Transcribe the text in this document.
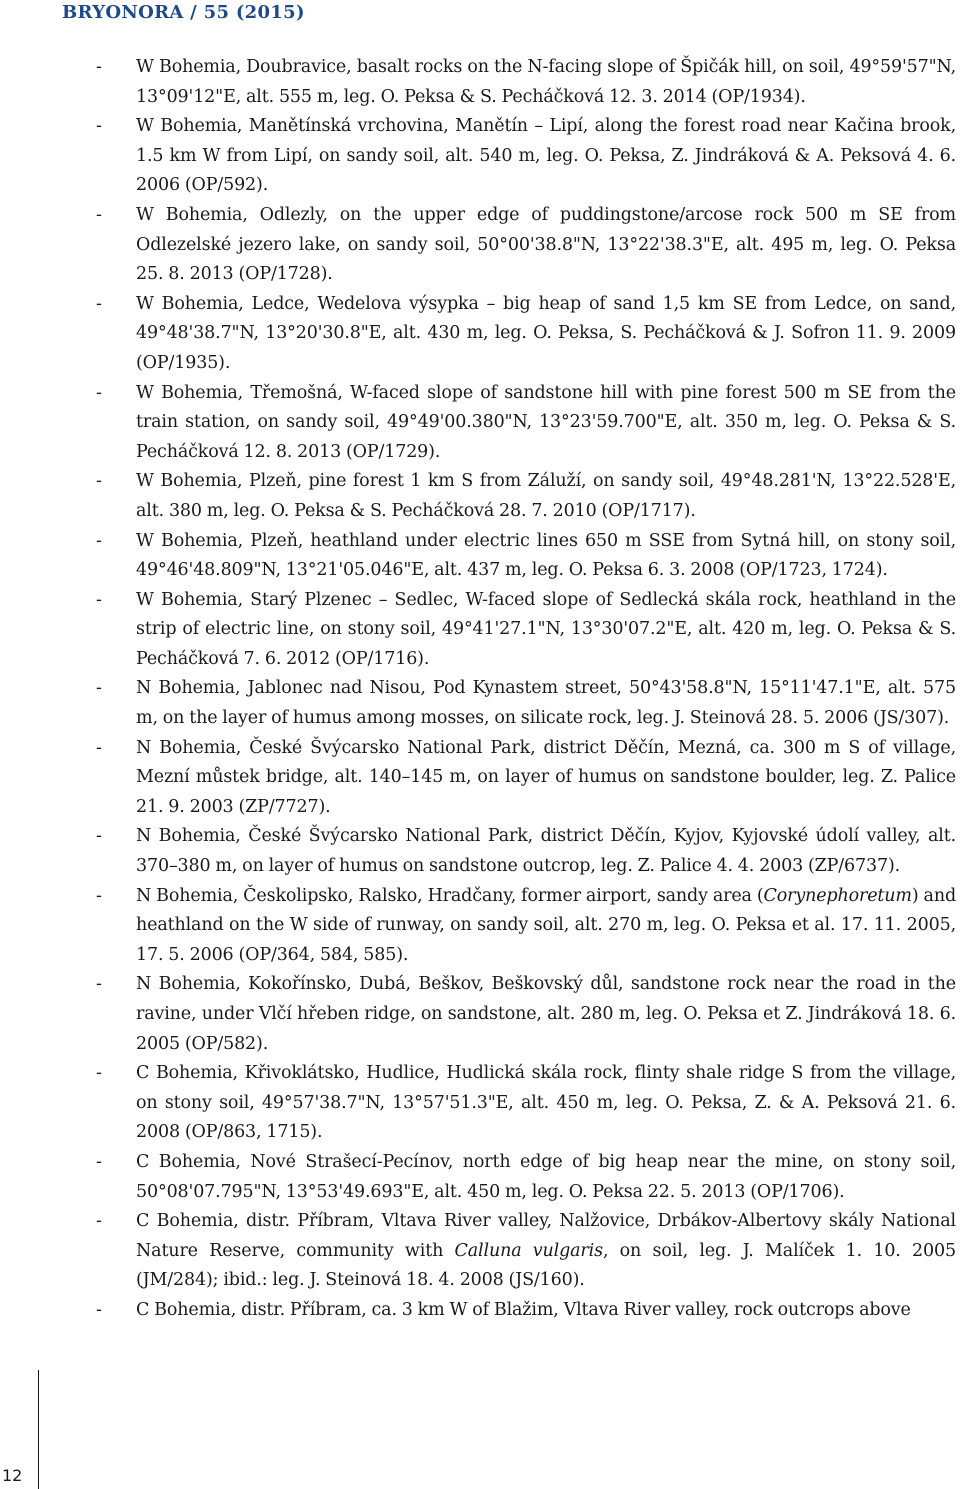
BRYONORA / 55 (2015)
- W Bohemia, Doubravice, basalt rocks on the N-facing slope of Špičák hill, on soil, 49°59'57"N, 13°09'12"E, alt. 555 m, leg. O. Peksa & S. Pecháčková 12. 3. 2014 (OP/1934).
- W Bohemia, Manětínská vrchovina, Manětín – Lipí, along the forest road near Kačina brook, 1.5 km W from Lipí, on sandy soil, alt. 540 m, leg. O. Peksa, Z. Jindráková & A. Peksová 4. 6. 2006 (OP/592).
- W Bohemia, Odlezly, on the upper edge of puddingstone/arcose rock 500 m SE from Odlezelské jezero lake, on sandy soil, 50°00'38.8"N, 13°22'38.3"E, alt. 495 m, leg. O. Peksa 25. 8. 2013 (OP/1728).
- W Bohemia, Ledce, Wedelova výsypka – big heap of sand 1,5 km SE from Ledce, on sand, 49°48'38.7"N, 13°20'30.8"E, alt. 430 m, leg. O. Peksa, S. Pecháčková & J. Sofron 11. 9. 2009 (OP/1935).
- W Bohemia, Třemošná, W-faced slope of sandstone hill with pine forest 500 m SE from the train station, on sandy soil, 49°49'00.380"N, 13°23'59.700"E, alt. 350 m, leg. O. Peksa & S. Pecháčková 12. 8. 2013 (OP/1729).
- W Bohemia, Plzeň, pine forest 1 km S from Záluží, on sandy soil, 49°48.281'N, 13°22.528'E, alt. 380 m, leg. O. Peksa & S. Pecháčková 28. 7. 2010 (OP/1717).
- W Bohemia, Plzeň, heathland under electric lines 650 m SSE from Sytná hill, on stony soil, 49°46'48.809"N, 13°21'05.046"E, alt. 437 m, leg. O. Peksa 6. 3. 2008 (OP/1723, 1724).
- W Bohemia, Starý Plzenec – Sedlec, W-faced slope of Sedlecká skála rock, heathland in the strip of electric line, on stony soil, 49°41'27.1"N, 13°30'07.2"E, alt. 420 m, leg. O. Peksa & S. Pecháčková 7. 6. 2012 (OP/1716).
- N Bohemia, Jablonec nad Nisou, Pod Kynastem street, 50°43'58.8"N, 15°11'47.1"E, alt. 575 m, on the layer of humus among mosses, on silicate rock, leg. J. Steinová 28. 5. 2006 (JS/307).
- N Bohemia, České Švýcarsko National Park, district Děčín, Mezná, ca. 300 m S of village, Mezní můstek bridge, alt. 140–145 m, on layer of humus on sandstone boulder, leg. Z. Palice 21. 9. 2003 (ZP/7727).
- N Bohemia, České Švýcarsko National Park, district Děčín, Kyjov, Kyjovské údolí valley, alt. 370–380 m, on layer of humus on sandstone outcrop, leg. Z. Palice 4. 4. 2003 (ZP/6737).
- N Bohemia, Českolipsko, Ralsko, Hradčany, former airport, sandy area (Corynephoretum) and heathland on the W side of runway, on sandy soil, alt. 270 m, leg. O. Peksa et al. 17. 11. 2005, 17. 5. 2006 (OP/364, 584, 585).
- N Bohemia, Kokořínsko, Dubá, Beškov, Beškovský důl, sandstone rock near the road in the ravine, under Vlčí hřeben ridge, on sandstone, alt. 280 m, leg. O. Peksa et Z. Jindráková 18. 6. 2005 (OP/582).
- C Bohemia, Křivoklátsko, Hudlice, Hudlická skála rock, flinty shale ridge S from the village, on stony soil, 49°57'38.7"N, 13°57'51.3"E, alt. 450 m, leg. O. Peksa, Z. & A. Peksová 21. 6. 2008 (OP/863, 1715).
- C Bohemia, Nové Strašecí-Pecínov, north edge of big heap near the mine, on stony soil, 50°08'07.795"N, 13°53'49.693"E, alt. 450 m, leg. O. Peksa 22. 5. 2013 (OP/1706).
- C Bohemia, distr. Příbram, Vltava River valley, Nalžovice, Drbákov-Albertovy skály National Nature Reserve, community with Calluna vulgaris, on soil, leg. J. Malíček 1. 10. 2005 (JM/284); ibid.: leg. J. Steinová 18. 4. 2008 (JS/160).
- C Bohemia, distr. Příbram, ca. 3 km W of Blažim, Vltava River valley, rock outcrops above
12
